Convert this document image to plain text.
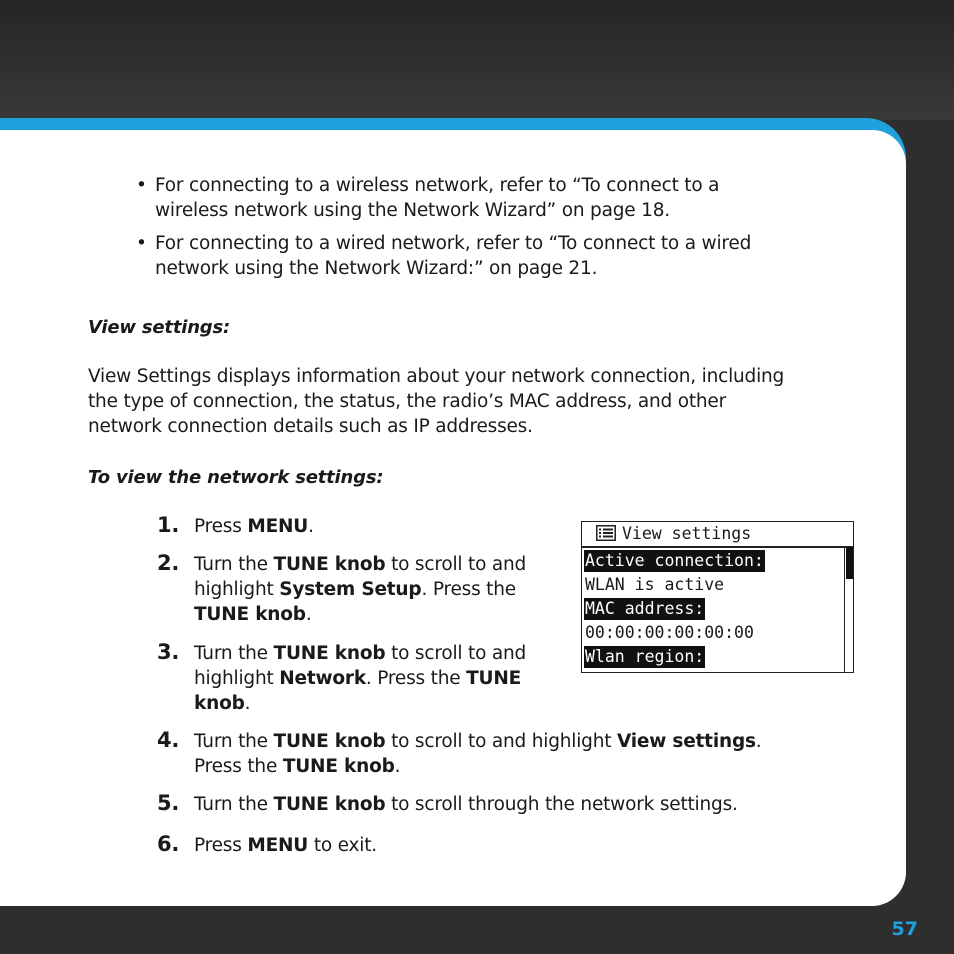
• For connecting to a wireless network, refer to “To connect to a
wireless network using the Network Wizard” on page 18.
• For connecting to a wired network, refer to “To connect to a wired
network using the Network Wizard:” on page 21.
View settings:
View Settings displays information about your network connection, including
the type of connection, the status, the radio’s MAC address, and other
network connection details such as IP addresses.
To view the network settings:
1. Press MENU.
2. Turn the TUNE knob to scroll to and
highlight System Setup. Press the
TUNE knob.
3. Turn the TUNE knob to scroll to and
highlight Network. Press the TUNE
knob.
4. Turn the TUNE knob to scroll to and highlight View settings.
Press the TUNE knob.
5. Turn the TUNE knob to scroll through the network settings.
6. Press MENU to exit.
View settings
Active connection:
WLAN is active
MAC address:
00:00:00:00:00:00
Wlan region:
57
